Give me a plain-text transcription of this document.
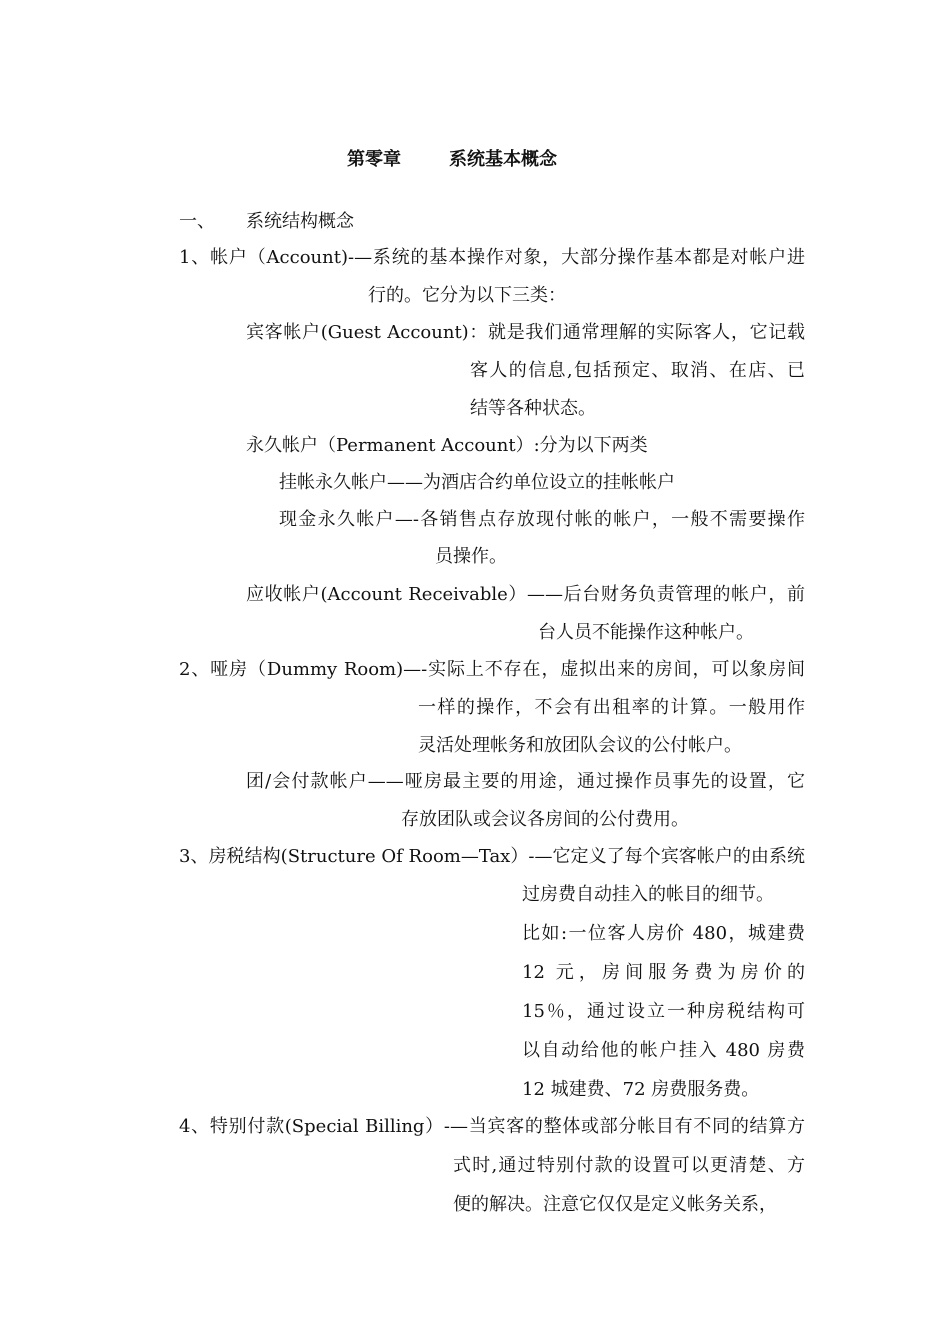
第零章	系统基本概念
一、 系统结构概念
1、帐户（Account)-—系统的基本操作对象，大部分操作基本都是对帐户进
行的。它分为以下三类：
宾客帐户(Guest Account)：就是我们通常理解的实际客人，它记载
客人的信息,包括预定、取消、在店、已
结等各种状态。
永久帐户（Permanent Account）:分为以下两类
挂帐永久帐户——为酒店合约单位设立的挂帐帐户
现金永久帐户—-各销售点存放现付帐的帐户，一般不需要操作
员操作。
应收帐户(Account Receivable）——后台财务负责管理的帐户，前
台人员不能操作这种帐户。
2、哑房（Dummy Room)—-实际上不存在，虚拟出来的房间，可以象房间
一样的操作，不会有出租率的计算。一般用作
灵活处理帐务和放团队会议的公付帐户。
团/会付款帐户——哑房最主要的用途，通过操作员事先的设置，它
存放团队或会议各房间的公付费用。
3、房税结构(Structure Of Room—Tax）-—它定义了每个宾客帐户的由系统
过房费自动挂入的帐目的细节。
比如:一位客人房价 480，城建费
12 元，房间服务费为房价的
15％，通过设立一种房税结构可
以自动给他的帐户挂入 480 房费
12 城建费、72 房费服务费。
4、特别付款(Special Billing）-—当宾客的整体或部分帐目有不同的结算方
式时,通过特别付款的设置可以更清楚、方
便的解决。注意它仅仅是定义帐务关系，
